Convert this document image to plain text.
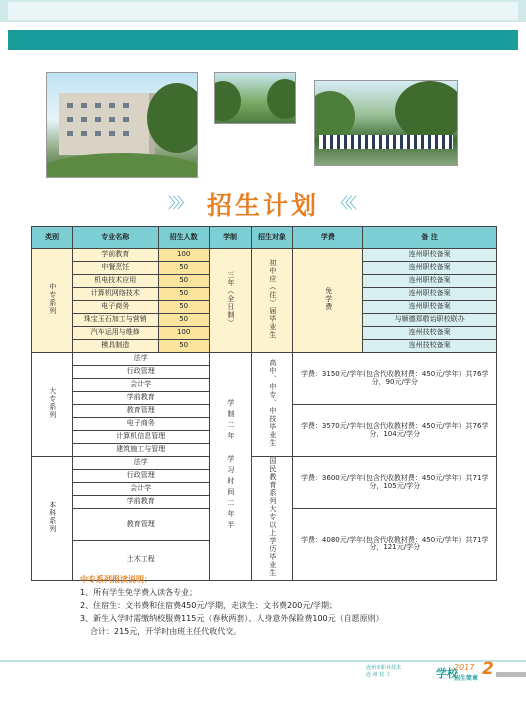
〉〉〉 招生计划 〈〈〈
类别	专业名称	招生人数	学制	招生对象	学费	备 注
中专系列	学前教育	100	三年（全日制）	初中应（往）届毕业生	免学费	连州职校备案
	中餐烹饪	50				连州职校备案
	机电技术应用	50				连州职校备案
	计算机网络技术	50				连州职校备案
	电子商务	50				连州职校备案
	珠宝玉石加工与营销	50				与顺德郑敬诒职校联办
	汽车运用与维修	100				连州技校备案
	模具制造	50				连州技校备案
大专系列	法学		学制二年 学习时间二年半	高中、中专、中技毕业生	学费：3150元/学年(包含代收教材费：450元/学年）共76学分，90元/学分	
	行政管理					
	会计学					
	学前教育					
	教育管理				学费：3570元/学年(包含代收教材费：450元/学年）共76学分，104元/学分	
	电子商务					
	计算机信息管理					
	建筑施工与管理					
本科系列	法学			国民教育系列大专以上学历毕业生	学费：3600元/学年(包含代收教材费：450元/学年）共71学分，105元/学分	
	行政管理					
	会计学					
	学前教育					
	教育管理				学费：4080元/学年(包含代收教材费：450元/学年）共71学分，121元/学分	
	土木工程					
中专系列报读说明：
1、所有学生免学费入读各专业；
2、住宿生：文书费和住宿费450元/学期，走读生：文书费200元/学期；
3、新生入学时需缴纳校服费115元（春秋两套）、人身意外保险费100元（自愿原则）
合计：215元，开学时由班主任代收代交。
连州市职业技术
连 州 技 工	学校
2017
招生简章 2
